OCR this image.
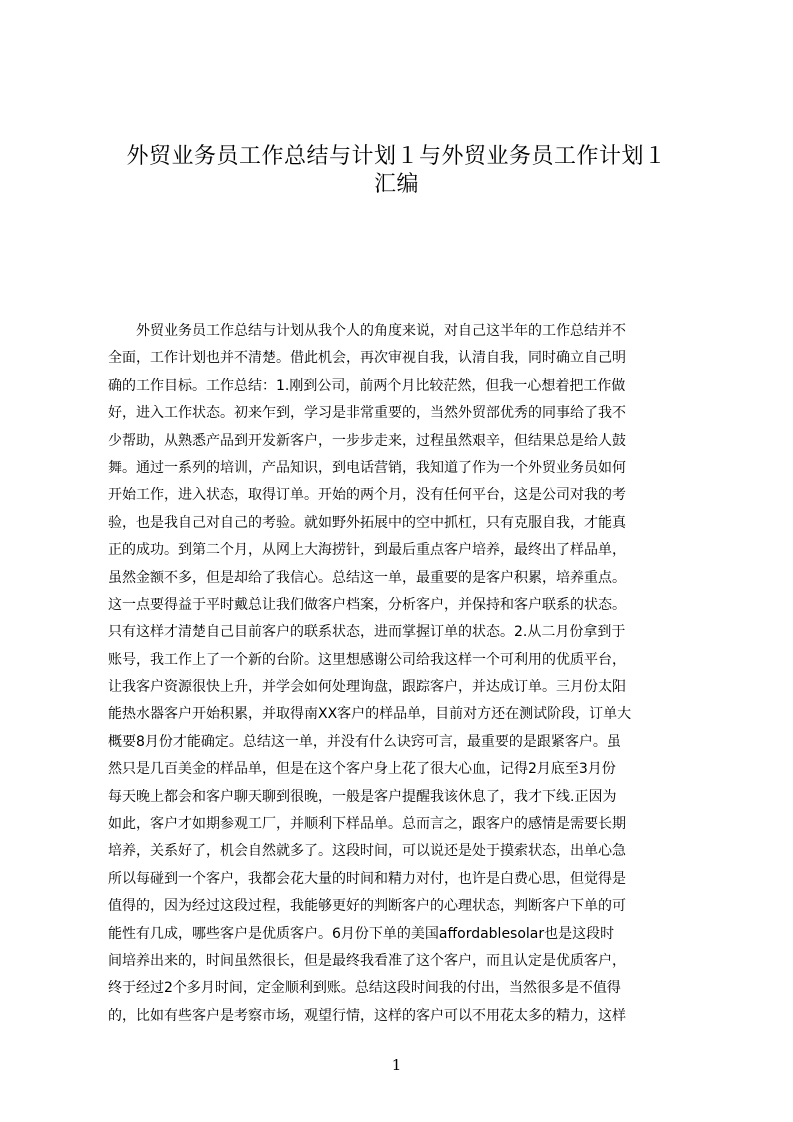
外贸业务员工作总结与计划１与外贸业务员工作计划１
汇编
　　外贸业务员工作总结与计划从我个人的角度来说，对自己这半年的工作总结并不
全面，工作计划也并不清楚。借此机会，再次审视自我，认清自我，同时确立自己明
确的工作目标。工作总结：1.刚到公司，前两个月比较茫然，但我一心想着把工作做
好，进入工作状态。初来乍到，学习是非常重要的，当然外贸部优秀的同事给了我不
少帮助，从熟悉产品到开发新客户，一步步走来，过程虽然艰辛，但结果总是给人鼓
舞。通过一系列的培训，产品知识，到电话营销，我知道了作为一个外贸业务员如何
开始工作，进入状态，取得订单。开始的两个月，没有任何平台，这是公司对我的考
验，也是我自己对自己的考验。就如野外拓展中的空中抓杠，只有克服自我，才能真
正的成功。到第二个月，从网上大海捞针，到最后重点客户培养，最终出了样品单，
虽然金额不多，但是却给了我信心。总结这一单，最重要的是客户积累，培养重点。
这一点要得益于平时戴总让我们做客户档案，分析客户，并保持和客户联系的状态。
只有这样才清楚自己目前客户的联系状态，进而掌握订单的状态。2.从二月份拿到于
账号，我工作上了一个新的台阶。这里想感谢公司给我这样一个可利用的优质平台，
让我客户资源很快上升，并学会如何处理询盘，跟踪客户，并达成订单。三月份太阳
能热水器客户开始积累，并取得南XX客户的样品单，目前对方还在测试阶段，订单大
概要8月份才能确定。总结这一单，并没有什么诀窍可言，最重要的是跟紧客户。虽
然只是几百美金的样品单，但是在这个客户身上花了很大心血，记得2月底至3月份
每天晚上都会和客户聊天聊到很晚，一般是客户提醒我该休息了，我才下线.正因为
如此，客户才如期参观工厂，并顺利下样品单。总而言之，跟客户的感情是需要长期
培养，关系好了，机会自然就多了。这段时间，可以说还是处于摸索状态，出单心急
所以每碰到一个客户，我都会花大量的时间和精力对付，也许是白费心思，但觉得是
值得的，因为经过这段过程，我能够更好的判断客户的心理状态，判断客户下单的可
能性有几成，哪些客户是优质客户。6月份下单的美国affordablesolar也是这段时
间培养出来的，时间虽然很长，但是最终我看准了这个客户，而且认定是优质客户，
终于经过2个多月时间，定金顺利到账。总结这段时间我的付出，当然很多是不值得
的，比如有些客户是考察市场，观望行情，这样的客户可以不用花太多的精力，这样
1
